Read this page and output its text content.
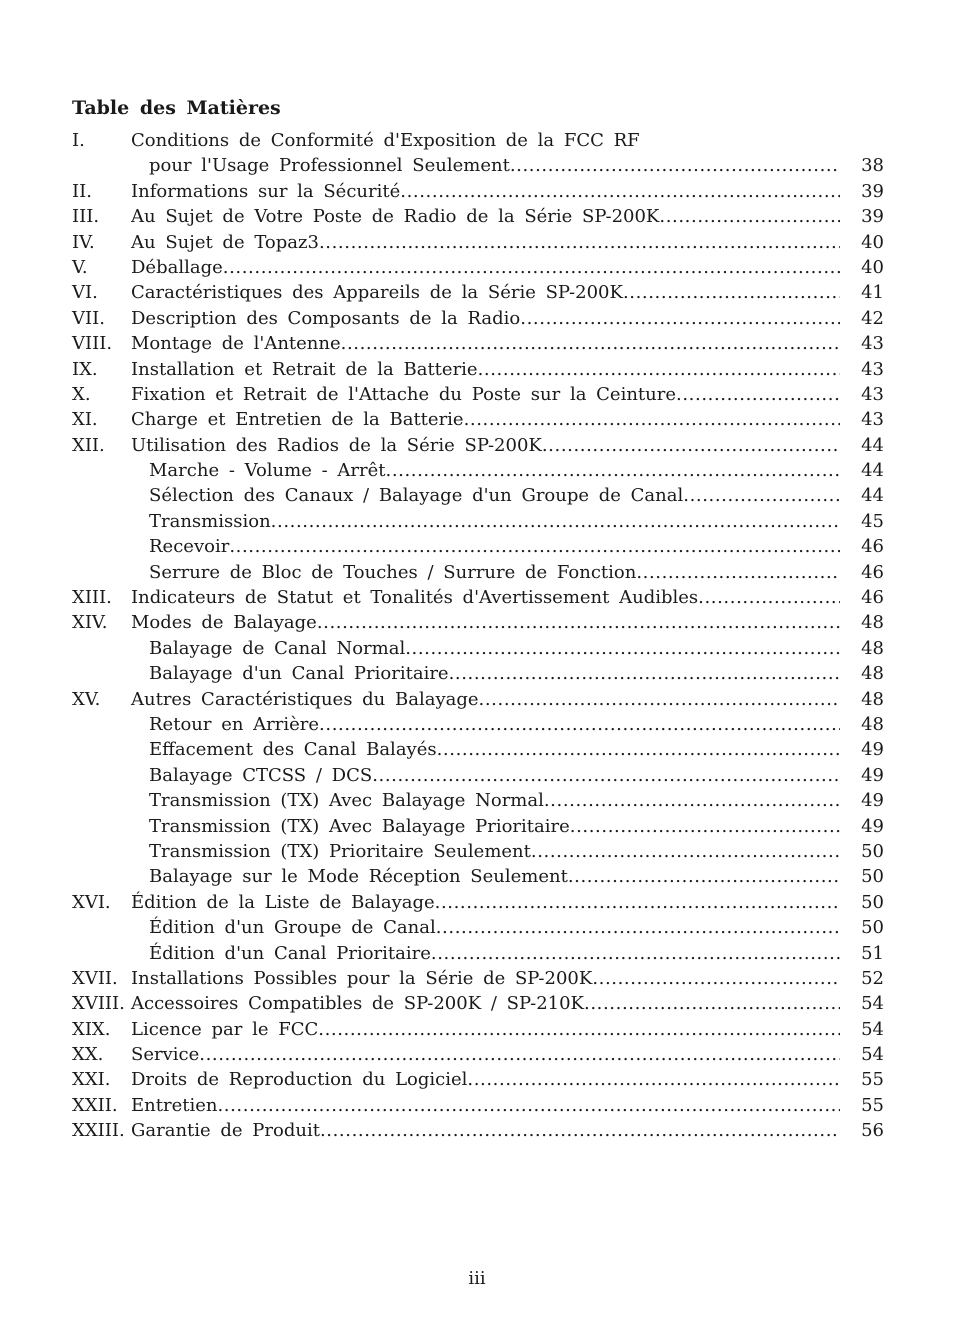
Table des Matières
I.	Conditions de Conformité d'Exposition de la FCC RF
pour l'Usage Professionnel Seulement .....	38
II.	Informations sur la Sécurité .....	39
III.	Au Sujet de Votre Poste de Radio de la Série SP-200K .....	39
IV.	Au Sujet de Topaz3 .....	40
V.	Déballage .....	40
VI.	Caractéristiques des Appareils de la Série SP-200K .....	41
VII.	Description des Composants de la Radio .....	42
VIII.	Montage de l'Antenne .....	43
IX.	Installation et Retrait de la Batterie .....	43
X.	Fixation et Retrait de l'Attache du Poste sur la Ceinture .....	43
XI.	Charge et Entretien de la Batterie .....	43
XII.	Utilisation des Radios de la Série SP-200K .....	44
Marche - Volume - Arrêt .....	44
Sélection des Canaux / Balayage d'un Groupe de Canal .....	44
Transmission .....	45
Recevoir .....	46
Serrure de Bloc de Touches / Surrure de Fonction .....	46
XIII.	Indicateurs de Statut et Tonalités d'Avertissement Audibles .....	46
XIV.	Modes de Balayage .....	48
Balayage de Canal Normal .....	48
Balayage d'un Canal Prioritaire .....	48
XV.	Autres Caractéristiques du Balayage .....	48
Retour en Arrière .....	48
Effacement des Canal Balayés .....	49
Balayage CTCSS / DCS .....	49
Transmission (TX) Avec Balayage Normal .....	49
Transmission (TX) Avec Balayage Prioritaire .....	49
Transmission (TX) Prioritaire Seulement .....	50
Balayage sur le Mode Réception Seulement .....	50
XVI.	Édition de la Liste de Balayage .....	50
Édition d'un Groupe de Canal .....	50
Édition d'un Canal Prioritaire .....	51
XVII. Installations Possibles pour la Série de SP-200K .....	52
XVIII. Accessoires Compatibles de SP-200K / SP-210K .....	54
XIX.	Licence par le FCC .....	54
XX.	Service .....	54
XXI.	Droits de Reproduction du Logiciel .....	55
XXII. Entretien .....	55
XXIII. Garantie de Produit .....	56
iii
